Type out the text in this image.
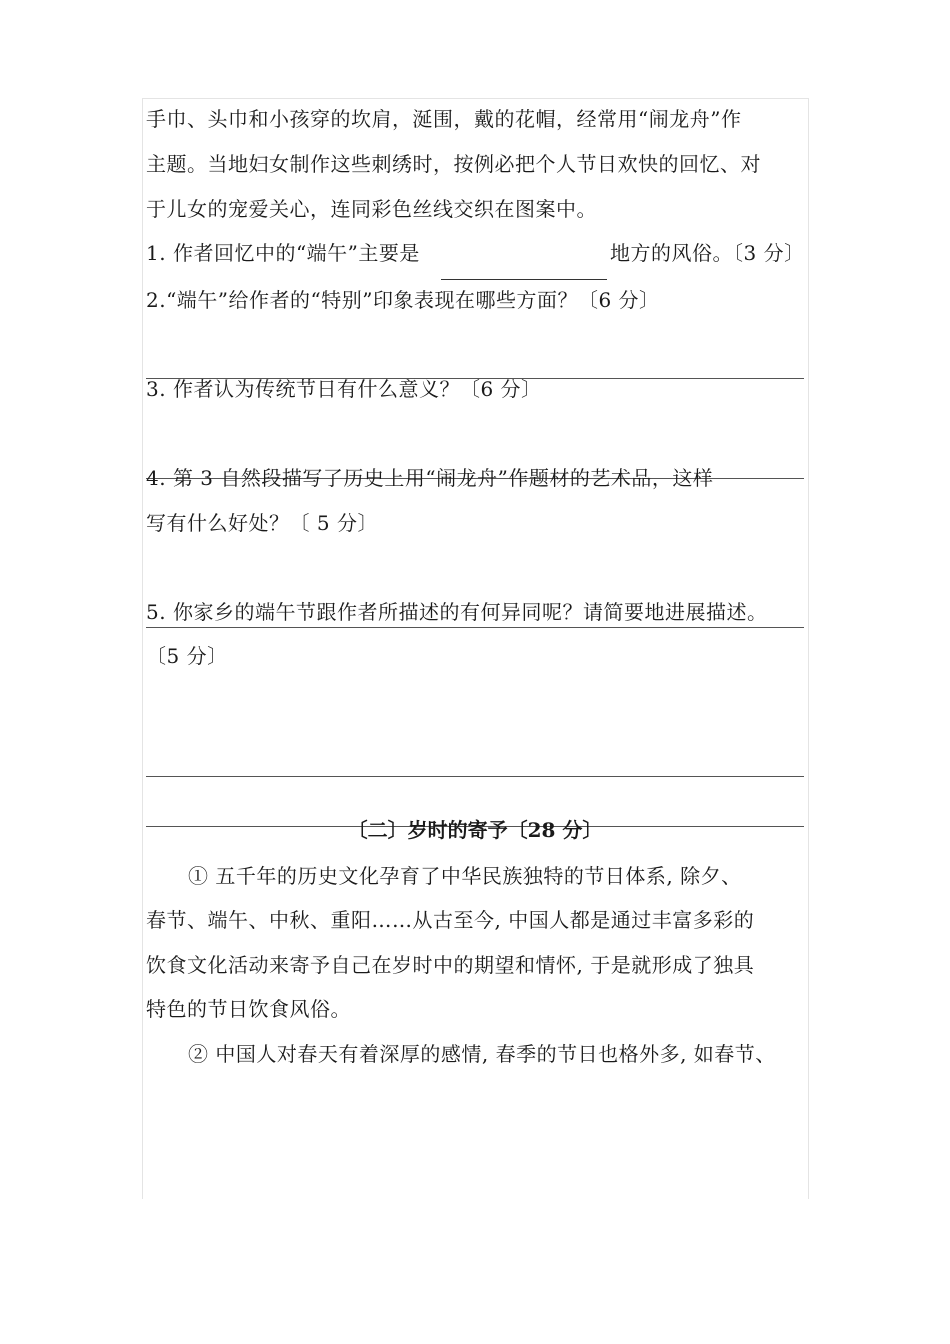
手巾、头巾和小孩穿的坎肩，涎围，戴的花帽，经常用“闹龙舟”作
主题。当地妇女制作这些刺绣时，按例必把个人节日欢快的回忆、对
于儿女的宠爱关心，连同彩色丝线交织在图案中。
1. 作者回忆中的“端午”主要是	地方的风俗。〔3 分〕
2.“端午”给作者的“特别”印象表现在哪些方面？〔6 分〕
3. 作者认为传统节日有什么意义？〔6 分〕
4. 第 3 自然段描写了历史上用“闹龙舟”作题材的艺术品，这样
写有什么好处？〔 5 分〕
5. 你家乡的端午节跟作者所描述的有何异同呢？请简要地进展描述。
〔5 分〕
〔二〕岁时的寄予〔28 分〕
① 五千年的历史文化孕育了中华民族独特的节日体系, 除夕、
春节、端午、中秋、重阳……从古至今, 中国人都是通过丰富多彩的
饮食文化活动来寄予自己在岁时中的期望和情怀, 于是就形成了独具
特色的节日饮食风俗。
② 中国人对春天有着深厚的感情, 春季的节日也格外多, 如春节、
